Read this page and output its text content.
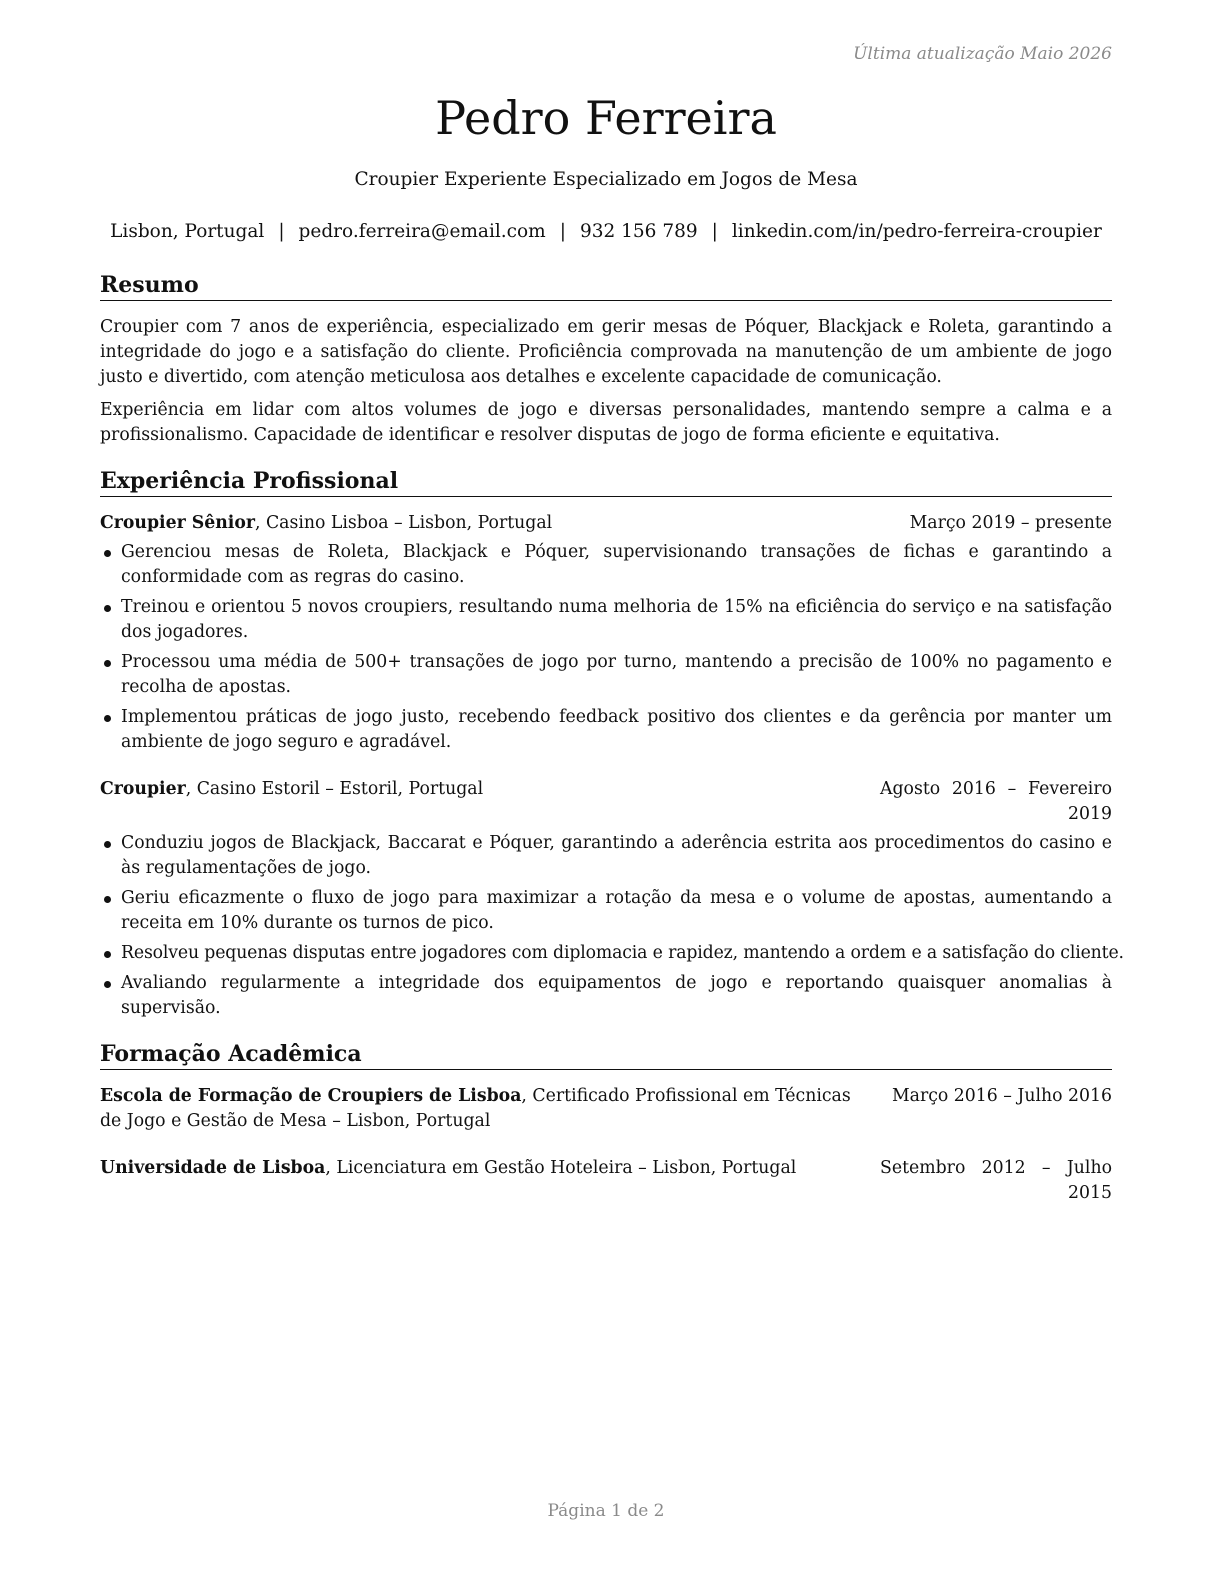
Última atualização Maio 2026
Pedro Ferreira
Croupier Experiente Especializado em Jogos de Mesa
Lisbon, Portugal | pedro.ferreira@email.com | 932 156 789 | linkedin.com/in/pedro-ferreira-croupier
Resumo

Croupier com 7 anos de experiência, especializado em gerir mesas de Póquer, Blackjack e Roleta, garantindo a integridade do jogo e a satisfação do cliente. Proficiência comprovada na manutenção de um ambiente de jogo justo e divertido, com atenção meticulosa aos detalhes e excelente capacidade de comunicação.

Experiência em lidar com altos volumes de jogo e diversas personalidades, mantendo sempre a calma e a profissionalismo. Capacidade de identificar e resolver disputas de jogo de forma eficiente e equitativa.

Experiência Profissional
Croupier Sênior, Casino Lisboa – Lisbon, Portugal	Março 2019 – presente
Gerenciou mesas de Roleta, Blackjack e Póquer, supervisionando transações de fichas e garantindo a conformidade com as regras do casino.
Treinou e orientou 5 novos croupiers, resultando numa melhoria de 15% na eficiência do serviço e na satisfação dos jogadores.
Processou uma média de 500+ transações de jogo por turno, mantendo a precisão de 100% no pagamento e recolha de apostas.
Implementou práticas de jogo justo, recebendo feedback positivo dos clientes e da gerência por manter um ambiente de jogo seguro e agradável.
Croupier, Casino Estoril – Estoril, Portugal	Agosto 2016 – Fevereiro
2019
Conduziu jogos de Blackjack, Baccarat e Póquer, garantindo a aderência estrita aos procedimentos do casino e às regulamentações de jogo.
Geriu eficazmente o fluxo de jogo para maximizar a rotação da mesa e o volume de apostas, aumentando a receita em 10% durante os turnos de pico.
Resolveu pequenas disputas entre jogadores com diplomacia e rapidez, mantendo a ordem e a satisfação do cliente.
Avaliando regularmente a integridade dos equipamentos de jogo e reportando quaisquer anomalias à supervisão.
Formação Acadêmica
Escola de Formação de Croupiers de Lisboa, Certificado Profissional em Técnicas de Jogo e Gestão de Mesa – Lisbon, Portugal
Março 2016 – Julho 2016
Universidade de Lisboa, Licenciatura em Gestão Hoteleira – Lisbon, Portugal	Setembro 2012 – Julho
2015
Página 1 de 2
